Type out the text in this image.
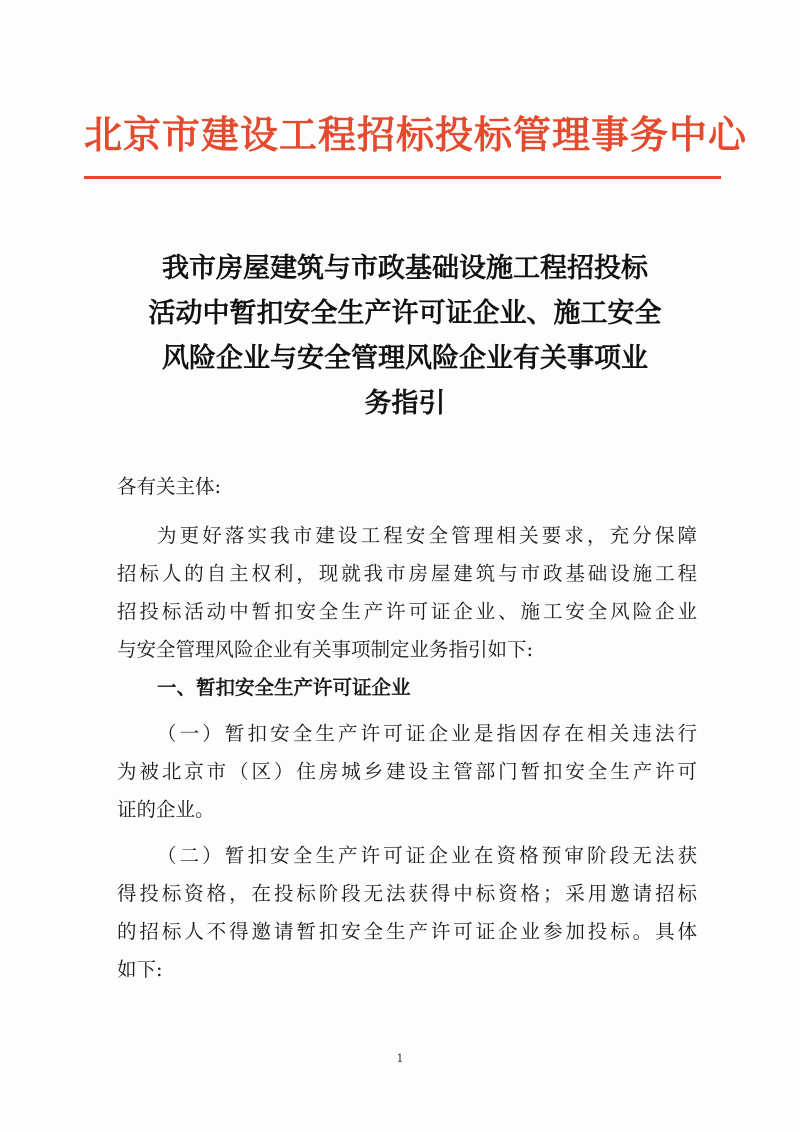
北京市建设工程招标投标管理事务中心
我市房屋建筑与市政基础设施工程招投标
活动中暂扣安全生产许可证企业、施工安全
风险企业与安全管理风险企业有关事项业
务指引
各有关主体:
为更好落实我市建设工程安全管理相关要求，充分保障
招标人的自主权利，现就我市房屋建筑与市政基础设施工程
招投标活动中暂扣安全生产许可证企业、施工安全风险企业
与安全管理风险企业有关事项制定业务指引如下:
一、暂扣安全生产许可证企业
（一）暂扣安全生产许可证企业是指因存在相关违法行
为被北京市（区）住房城乡建设主管部门暂扣安全生产许可
证的企业。
（二）暂扣安全生产许可证企业在资格预审阶段无法获
得投标资格，在投标阶段无法获得中标资格；采用邀请招标
的招标人不得邀请暂扣安全生产许可证企业参加投标。具体
如下:
1
